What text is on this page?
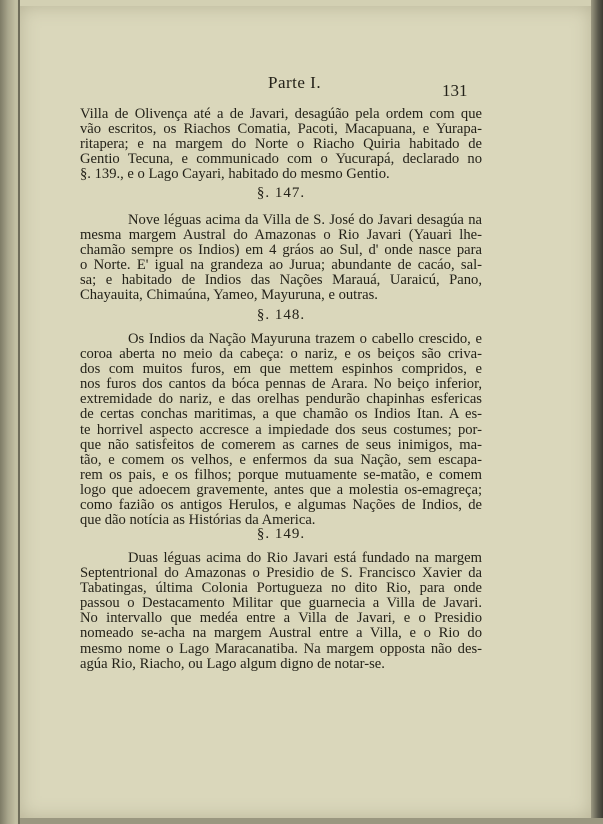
Parte I.	131
Villa de Olivença até a de Javari, desagúão pela ordem com que
vão escritos, os Riachos Comatia, Pacoti, Macapuana, e Yurapa-
ritapera; e na margem do Norte o Riacho Quiria habitado de
Gentio Tecuna, e communicado com o Yucurapá, declarado no
§. 139., e o Lago Cayari, habitado do mesmo Gentio.
§. 147.
Nove léguas acima da Villa de S. José do Javari desagúa na
mesma margem Austral do Amazonas o Rio Javari (Yauari lhe-
chamão sempre os Indios) em 4 gráos ao Sul, d' onde nasce para
o Norte. E' igual na grandeza ao Jurua; abundante de cacáo, sal-
sa; e habitado de Indios das Nações Marauá, Uaraicú, Pano,
Chayauita, Chimaúna, Yameo, Mayuruna, e outras.
§. 148.
Os Indios da Nação Mayuruna trazem o cabello crescido, e
coroa aberta no meio da cabeça: o nariz, e os beiços são criva-
dos com muitos furos, em que mettem espinhos compridos, e
nos furos dos cantos da bóca pennas de Arara. No beiço inferior,
extremidade do nariz, e das orelhas pendurão chapinhas esfericas
de certas conchas maritimas, a que chamão os Indios Itan. A es-
te horrivel aspecto accresce a impiedade dos seus costumes; por-
que não satisfeitos de comerem as carnes de seus inimigos, ma-
tão, e comem os velhos, e enfermos da sua Nação, sem escapa-
rem os pais, e os filhos; porque mutuamente se-matão, e comem
logo que adoecem gravemente, antes que a molestia os-emagreça;
como fazião os antigos Herulos, e algumas Nações de Indios, de
que dão notícia as Histórias da America.
§. 149.
Duas léguas acima do Rio Javari está fundado na margem
Septentrional do Amazonas o Presidio de S. Francisco Xavier da
Tabatingas, última Colonia Portugueza no dito Rio, para onde
passou o Destacamento Militar que guarnecia a Villa de Javari.
No intervallo que medéa entre a Villa de Javari, e o Presidio
nomeado se-acha na margem Austral entre a Villa, e o Rio do
mesmo nome o Lago Maracanatiba. Na margem opposta não des-
agúa Rio, Riacho, ou Lago algum digno de notar-se.
